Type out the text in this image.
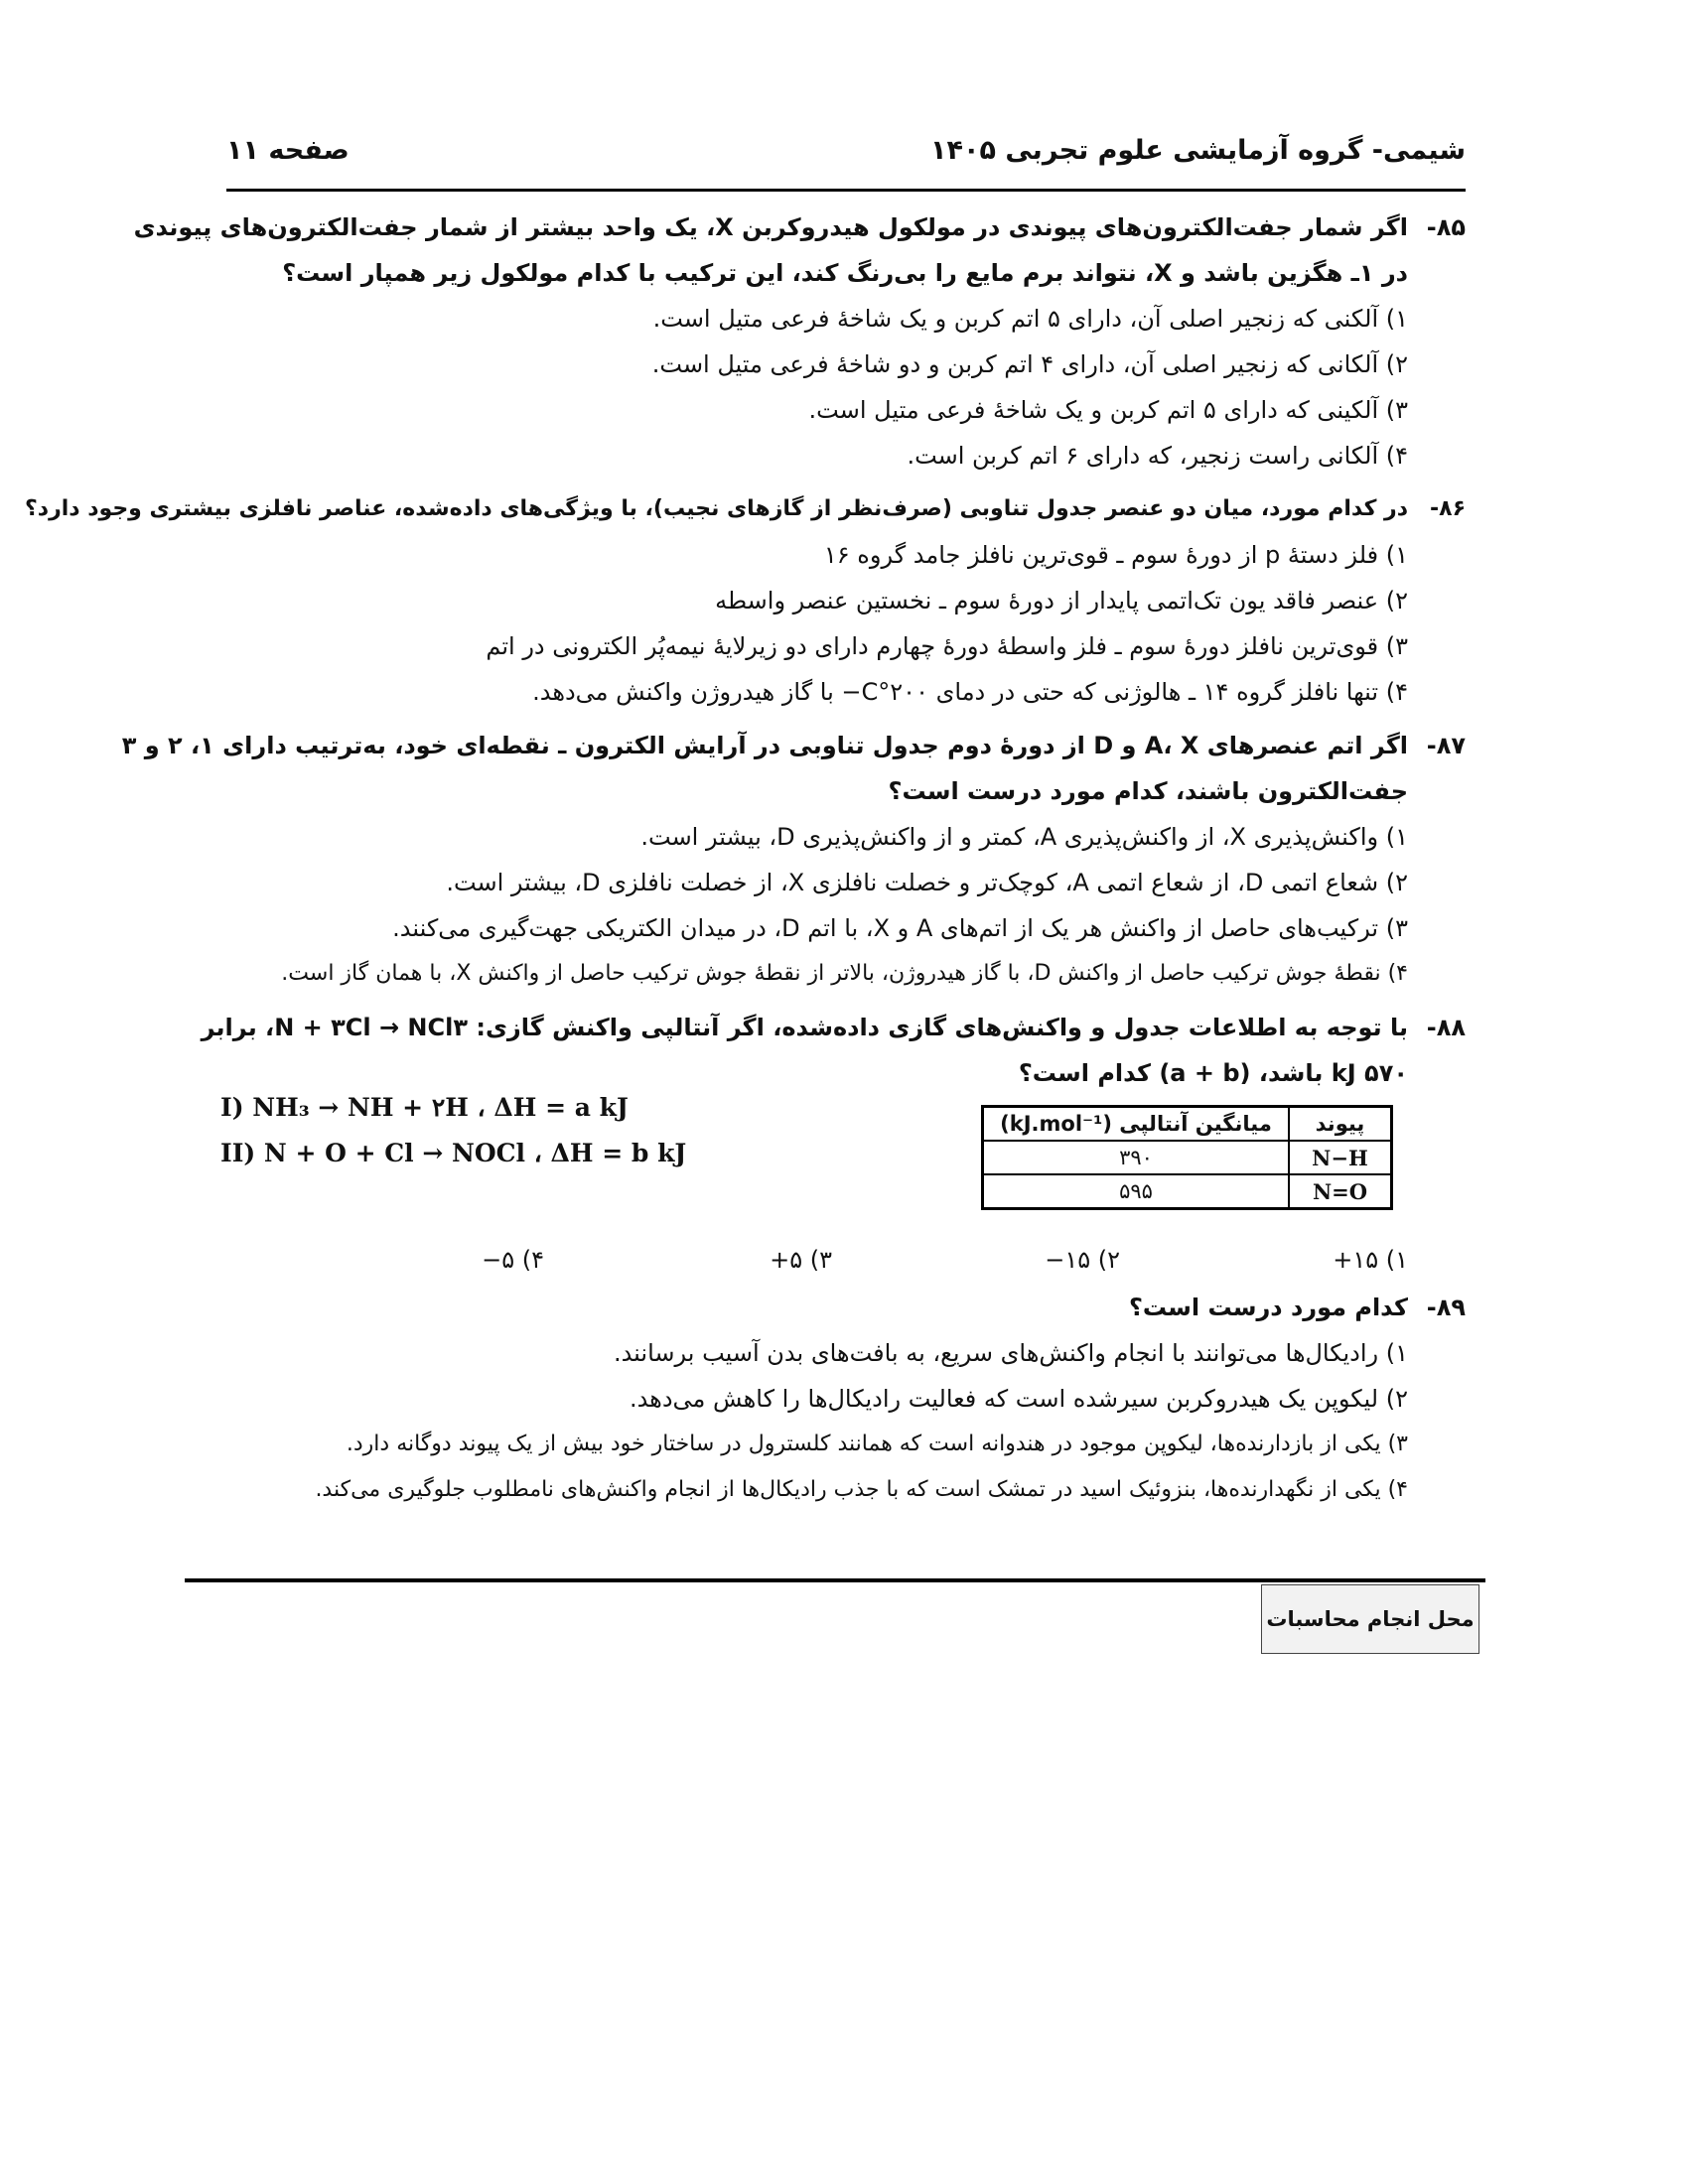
شیمی- گروه آزمایشی علوم تجربی ۱۴۰۵
صفحه ۱۱
۸۵-
اگر شمار جفت‌الکترون‌های پیوندی در مولکول هیدروکربن X، یک واحد بیشتر از شمار جفت‌الکترون‌های پیوندی
در ۱ـ هگزین باشد و X، نتواند برم مایع را بی‌رنگ کند، این ترکیب با کدام مولکول زیر همپار است؟
۱) آلکنی که زنجیر اصلی آن، دارای ۵ اتم کربن و یک شاخهٔ فرعی متیل است.
۲) آلکانی که زنجیر اصلی آن، دارای ۴ اتم کربن و دو شاخهٔ فرعی متیل است.
۳) آلکینی که دارای ۵ اتم کربن و یک شاخهٔ فرعی متیل است.
۴) آلکانی راست زنجیر، که دارای ۶ اتم کربن است.
۸۶-
در کدام مورد، میان دو عنصر جدول تناوبی (صرف‌نظر از گازهای نجیب)، با ویژگی‌های داده‌شده، عناصر نافلزی بیشتری وجود دارد؟
۱) فلز دستهٔ p از دورهٔ سوم ـ قوی‌ترین نافلز جامد گروه ۱۶
۲) عنصر فاقد یون تک‌اتمی پایدار از دورهٔ سوم ـ نخستین عنصر واسطه
۳) قوی‌ترین نافلز دورهٔ سوم ـ فلز واسطهٔ دورهٔ چهارم دارای دو زیرلایهٔ نیمه‌پُر الکترونی در اتم
۴) تنها نافلز گروه ۱۴ ـ هالوژنی که حتی در دمای C°۲۰۰− با گاز هیدروژن واکنش می‌دهد.
۸۷-
اگر اتم عنصرهای A، X و D از دورهٔ دوم جدول تناوبی در آرایش الکترون ـ نقطه‌ای خود، به‌ترتیب دارای ۱، ۲ و ۳
جفت‌الکترون باشند، کدام مورد درست است؟
۱) واکنش‌پذیری X، از واکنش‌پذیری A، کمتر و از واکنش‌پذیری D، بیشتر است.
۲) شعاع اتمی D، از شعاع اتمی A، کوچک‌تر و خصلت نافلزی X، از خصلت نافلزی D، بیشتر است.
۳) ترکیب‌های حاصل از واکنش هر یک از اتم‌های A و X، با اتم D، در میدان الکتریکی جهت‌گیری می‌کنند.
۴) نقطهٔ جوش ترکیب حاصل از واکنش D، با گاز هیدروژن، بالاتر از نقطهٔ جوش ترکیب حاصل از واکنش X، با همان گاز است.
۸۸-
با توجه به اطلاعات جدول و واکنش‌های گازی داده‌شده، اگر آنتالپی واکنش گازی: N + ۳Cl → NCl۳، برابر
۵۷۰ kJ باشد، (a + b) کدام است؟
I) NH₃ → NH + ۲H ، ΔH = a kJ
II) N + O + Cl → NOCl ، ΔH = b kJ
پیوند	میانگین آنتالپی (kJ.mol⁻¹)
N−H	۳۹۰
N=O	۵۹۵
۱) ۱۵+
۲) ۱۵−
۳) ۵+
۴) ۵−
۸۹-
کدام مورد درست است؟
۱) رادیکال‌ها می‌توانند با انجام واکنش‌های سریع، به بافت‌های بدن آسیب برسانند.
۲) لیکوپن یک هیدروکربن سیرشده است که فعالیت رادیکال‌ها را کاهش می‌دهد.
۳) یکی از بازدارنده‌ها، لیکوپن موجود در هندوانه است که همانند کلسترول در ساختار خود بیش از یک پیوند دوگانه دارد.
۴) یکی از نگهدارنده‌ها، بنزوئیک اسید در تمشک است که با جذب رادیکال‌ها از انجام واکنش‌های نامطلوب جلوگیری می‌کند.
محل انجام محاسبات
